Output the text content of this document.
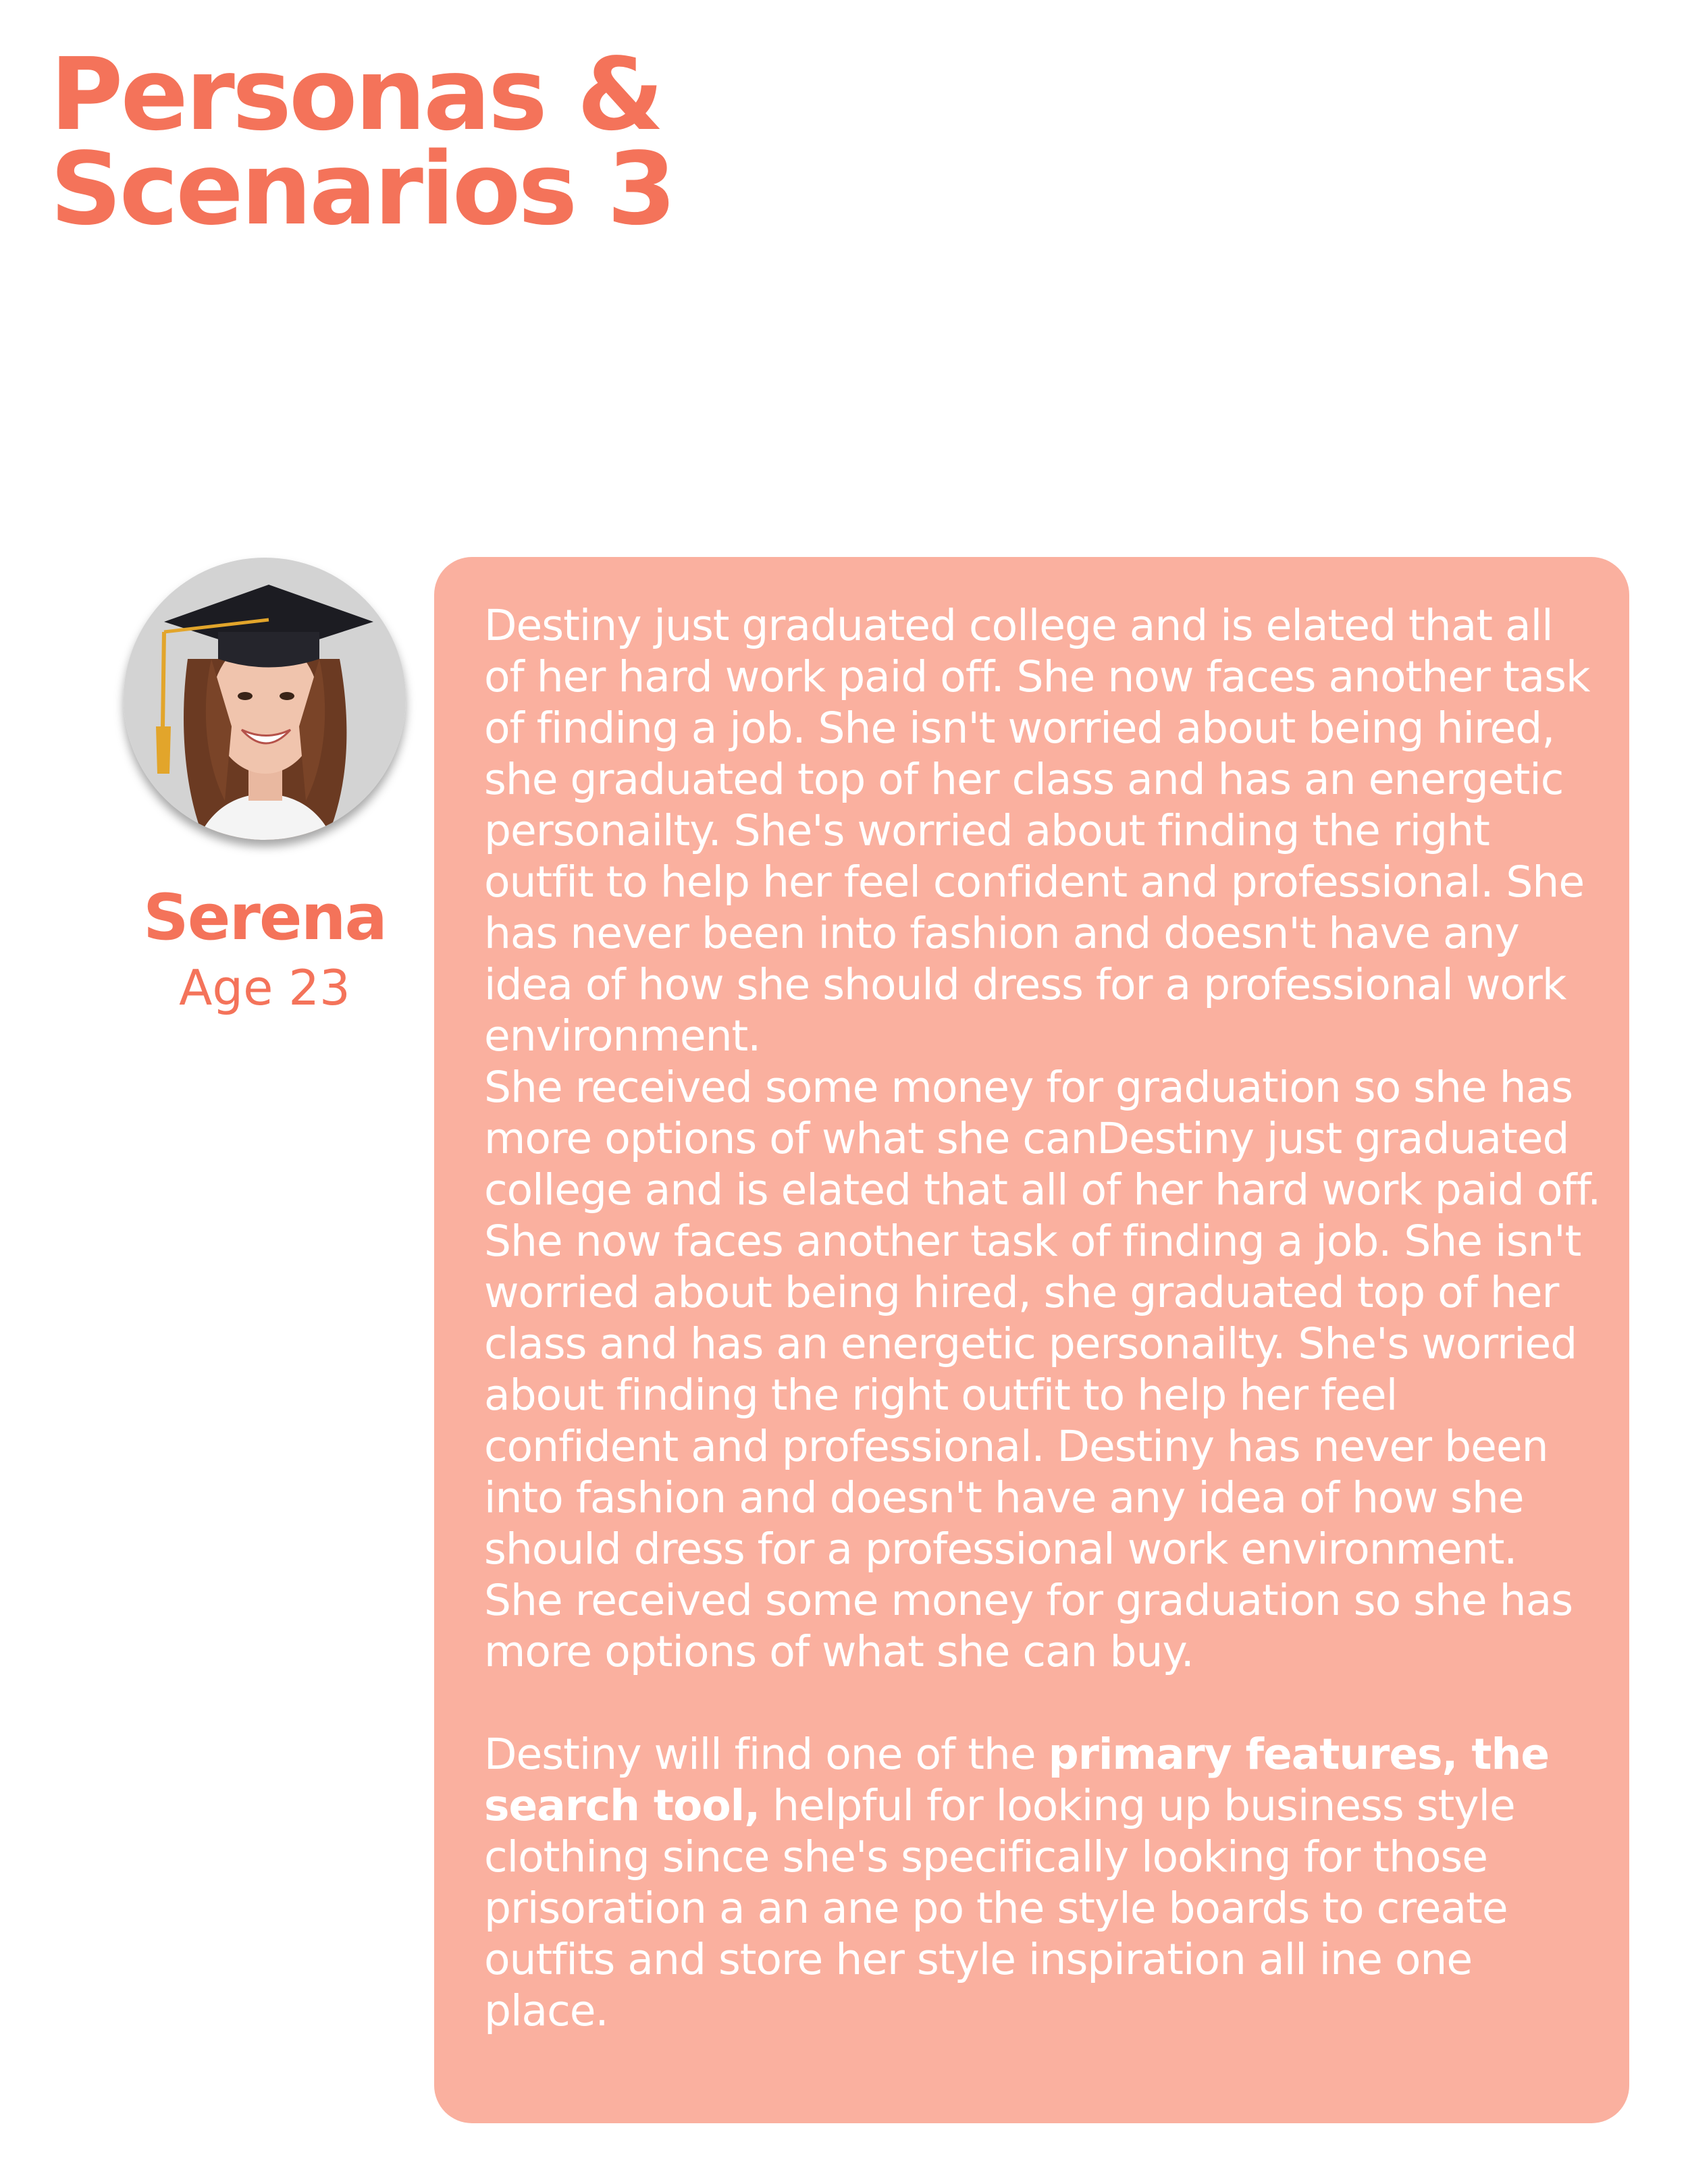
Personas &
Scenarios 3
Serena
Age 23

Destiny just graduated college and is elated that all of her hard work paid off. She now faces another task of finding a job. She isn't worried about being hired, she graduated top of her class and has an energetic personailty. She's worried about finding the right outfit to help her feel confident and professional. She has never been into fashion and doesn't have any idea of how she should dress for a professional work environment.
She received some money for graduation so she has more options of what she canDestiny just graduated college and is elated that all of her hard work paid off. She now faces another task of finding a job. She isn't worried about being hired, she graduated top of her class and has an energetic personailty. She's worried about finding the right outfit to help her feel confident and professional. Destiny has never been into fashion and doesn't have any idea of how she should dress for a professional work environment. She received some money for graduation so she has more options of what she can buy.

Destiny will find one of the primary features, the search tool, helpful for looking up business style clothing since she's specifically looking for those prisoration a an ane po the style boards to create outfits and store her style inspiration all ine one place.
